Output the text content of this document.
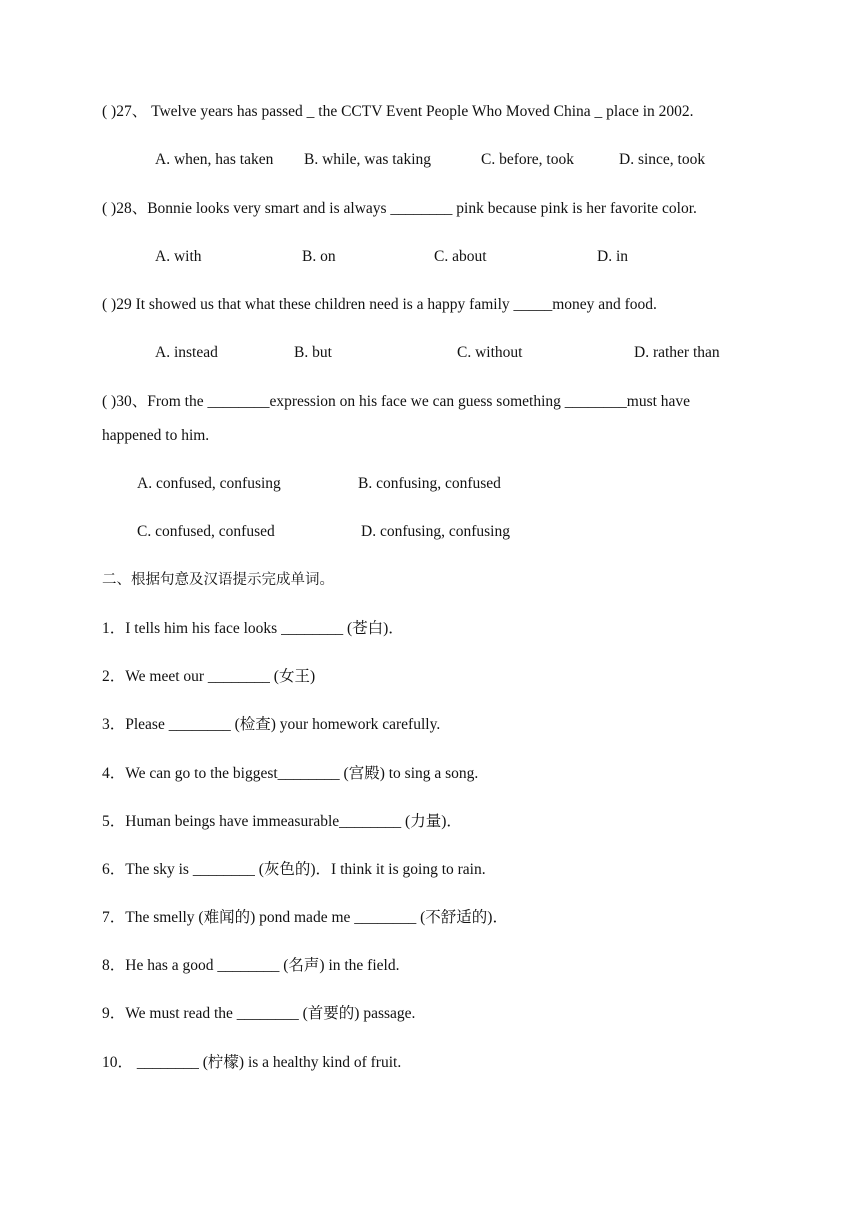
( )27、 Twelve years has passed _ the CCTV Event People Who Moved China _ place in 2002.
A. when, has taken B. while, was taking	C. before, took	D. since, took
( )28、Bonnie looks very smart and is always ________ pink because pink is her favorite color.
A. with	B. on	C. about	D. in
( )29 It showed us that what these children need is a happy family _____money and food.
A. instead	B. but	C. without	D. rather than
( )30、From the ________expression on his face we can guess something ________must have
happened to him.
A. confused, confusing	B. confusing, confused
C. confused, confused	D. confusing, confusing
二、根据句意及汉语提示完成单词。
1．I tells him his face looks ________ (苍白)．
2．We meet our ________ (女王)
3．Please ________ (检查) your homework carefully.
4．We can go to the biggest________ (宫殿) to sing a song.
5．Human beings have immeasurable________ (力量)．
6．The sky is ________ (灰色的)．I think it is going to rain.
7．The smelly (难闻的) pond made me ________ (不舒适的)．
8．He has a good ________ (名声) in the field.
9．We must read the ________ (首要的) passage.
10． ________ (柠檬) is a healthy kind of fruit.
